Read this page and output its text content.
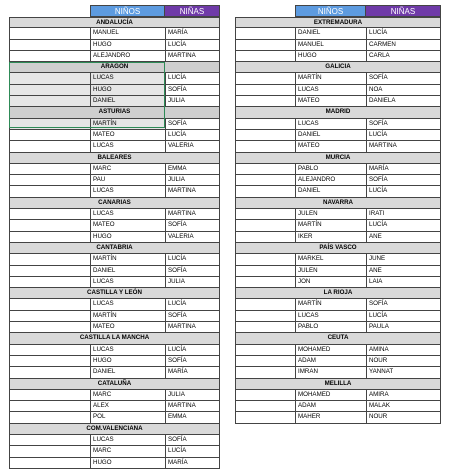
NIÑOS	NIÑAS
ANDALUCÍA
MANUEL	MARÍA
HUGO	LUCÍA
ALEJANDRO	MARTINA
ARAGÓN
LUCAS	LUCÍA
HUGO	SOFÍA
DANIEL	JULIA
ASTURIAS
MARTÍN	SOFÍA
MATEO	LUCÍA
LUCAS	VALERIA
BALEARES
MARC	EMMA
PAU	JULIA
LUCAS	MARTINA
CANARIAS
LUCAS	MARTINA
MATEO	SOFÍA
HUGO	VALERIA
CANTABRIA
MARTÍN	LUCÍA
DANIEL	SOFÍA
LUCAS	JULIA
CASTILLA Y LEÓN
LUCAS	LUCÍA
MARTÍN	SOFÍA
MATEO	MARTINA
CASTILLA LA MANCHA
LUCAS	LUCÍA
HUGO	SOFÍA
DANIEL	MARÍA
CATALUÑA
MARC	JULIA
ALEX	MARTINA
POL	EMMA
COM.VALENCIANA
LUCAS	SOFÍA
MARC	LUCÍA
HUGO	MARÍA
NIÑOS	NIÑAS
EXTREMADURA
DANIEL	LUCÍA
MANUEL	CARMEN
HUGO	CARLA
GALICIA
MARTÍN	SOFÍA
LUCAS	NOA
MATEO	DANIELA
MADRID
LUCAS	SOFÍA
DANIEL	LUCÍA
MATEO	MARTINA
MURCIA
PABLO	MARÍA
ALEJANDRO	SOFÍA
DANIEL	LUCÍA
NAVARRA
JULEN	IRATI
MARTÍN	LUCÍA
IKER	ANE
PAÍS VASCO
MARKEL	JUNE
JULEN	ANE
JON	LAIA
LA RIOJA
MARTÍN	SOFÍA
LUCAS	LUCÍA
PABLO	PAULA
CEUTA
MOHAMED	AMINA
ADAM	NOUR
IMRAN	YANNAT
MELILLA
MOHAMED	AMIRA
ADAM	MALAK
MAHER	NOUR
